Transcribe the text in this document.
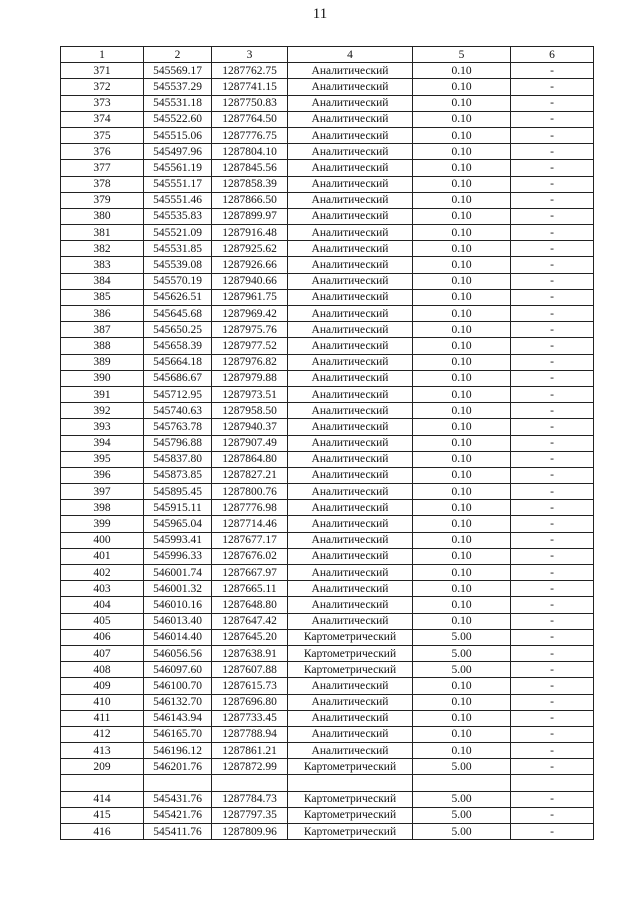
11
1	2	3	4	5	6
371	545569.17	1287762.75	Аналитический	0.10	-
372	545537.29	1287741.15	Аналитический	0.10	-
373	545531.18	1287750.83	Аналитический	0.10	-
374	545522.60	1287764.50	Аналитический	0.10	-
375	545515.06	1287776.75	Аналитический	0.10	-
376	545497.96	1287804.10	Аналитический	0.10	-
377	545561.19	1287845.56	Аналитический	0.10	-
378	545551.17	1287858.39	Аналитический	0.10	-
379	545551.46	1287866.50	Аналитический	0.10	-
380	545535.83	1287899.97	Аналитический	0.10	-
381	545521.09	1287916.48	Аналитический	0.10	-
382	545531.85	1287925.62	Аналитический	0.10	-
383	545539.08	1287926.66	Аналитический	0.10	-
384	545570.19	1287940.66	Аналитический	0.10	-
385	545626.51	1287961.75	Аналитический	0.10	-
386	545645.68	1287969.42	Аналитический	0.10	-
387	545650.25	1287975.76	Аналитический	0.10	-
388	545658.39	1287977.52	Аналитический	0.10	-
389	545664.18	1287976.82	Аналитический	0.10	-
390	545686.67	1287979.88	Аналитический	0.10	-
391	545712.95	1287973.51	Аналитический	0.10	-
392	545740.63	1287958.50	Аналитический	0.10	-
393	545763.78	1287940.37	Аналитический	0.10	-
394	545796.88	1287907.49	Аналитический	0.10	-
395	545837.80	1287864.80	Аналитический	0.10	-
396	545873.85	1287827.21	Аналитический	0.10	-
397	545895.45	1287800.76	Аналитический	0.10	-
398	545915.11	1287776.98	Аналитический	0.10	-
399	545965.04	1287714.46	Аналитический	0.10	-
400	545993.41	1287677.17	Аналитический	0.10	-
401	545996.33	1287676.02	Аналитический	0.10	-
402	546001.74	1287667.97	Аналитический	0.10	-
403	546001.32	1287665.11	Аналитический	0.10	-
404	546010.16	1287648.80	Аналитический	0.10	-
405	546013.40	1287647.42	Аналитический	0.10	-
406	546014.40	1287645.20	Картометрический	5.00	-
407	546056.56	1287638.91	Картометрический	5.00	-
408	546097.60	1287607.88	Картометрический	5.00	-
409	546100.70	1287615.73	Аналитический	0.10	-
410	546132.70	1287696.80	Аналитический	0.10	-
411	546143.94	1287733.45	Аналитический	0.10	-
412	546165.70	1287788.94	Аналитический	0.10	-
413	546196.12	1287861.21	Аналитический	0.10	-
209	546201.76	1287872.99	Картометрический	5.00	-

414	545431.76	1287784.73	Картометрический	5.00	-
415	545421.76	1287797.35	Картометрический	5.00	-
416	545411.76	1287809.96	Картометрический	5.00	-
